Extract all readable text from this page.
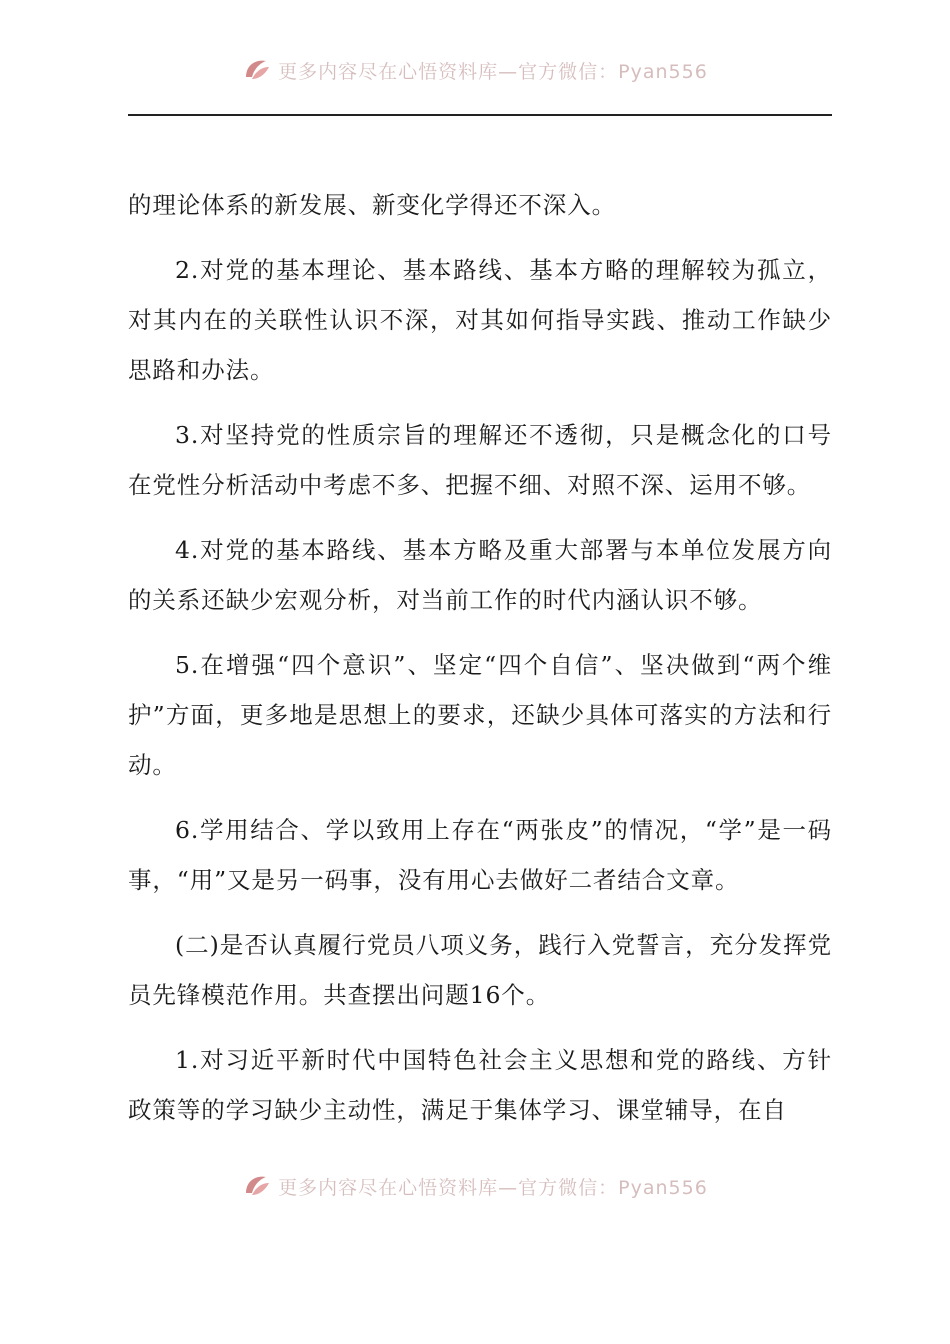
更多内容尽在心悟资料库—官方微信：Pyan556

的理论体系的新发展、新变化学得还不深入。

2.对党的基本理论、基本路线、基本方略的理解较为孤立，对其内在的关联性认识不深，对其如何指导实践、推动工作缺少思路和办法。

3.对坚持党的性质宗旨的理解还不透彻，只是概念化的口号在党性分析活动中考虑不多、把握不细、对照不深、运用不够。

4.对党的基本路线、基本方略及重大部署与本单位发展方向的关系还缺少宏观分析，对当前工作的时代内涵认识不够。

5.在增强“四个意识”、坚定“四个自信”、坚决做到“两个维护”方面，更多地是思想上的要求，还缺少具体可落实的方法和行动。

6.学用结合、学以致用上存在“两张皮”的情况，“学”是一码事，“用”又是另一码事，没有用心去做好二者结合文章。

(二)是否认真履行党员八项义务，践行入党誓言，充分发挥党员先锋模范作用。共查摆出问题16个。

1.对习近平新时代中国特色社会主义思想和党的路线、方针政策等的学习缺少主动性，满足于集体学习、课堂辅导，在自

更多内容尽在心悟资料库—官方微信：Pyan556
